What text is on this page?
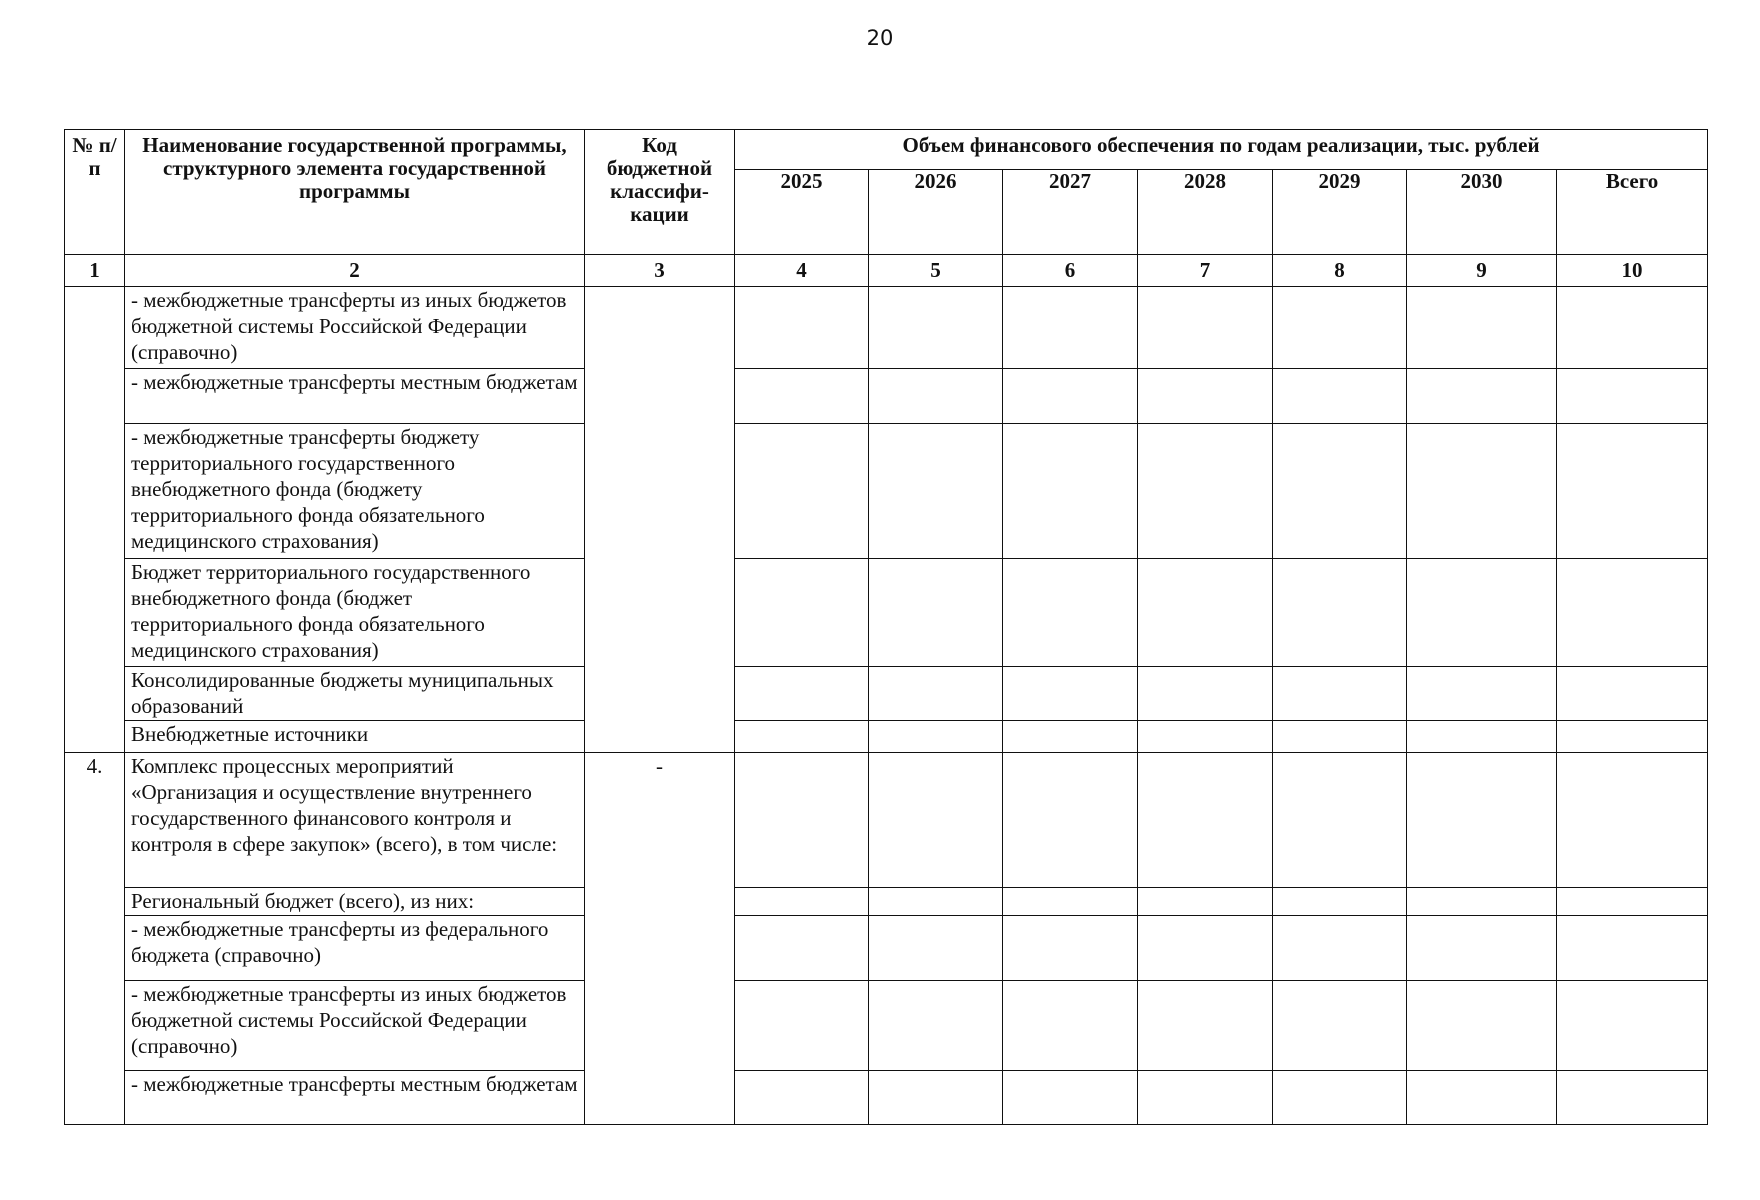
20
№ п/п	Наименование государственной программы, структурного элемента государственной программы	Код бюджетной классифи-кации	Объем финансового обеспечения по годам реализации, тыс. рублей						
			2025	2026	2027	2028	2029	2030	Всего
1	2	3	4	5	6	7	8	9	10
	- межбюджетные трансферты из иных бюджетов бюджетной системы Российской Федерации (справочно)								
	- межбюджетные трансферты местным бюджетам								
	- межбюджетные трансферты бюджету территориального государственного внебюджетного фонда (бюджету территориального фонда обязательного медицинского страхования)								
	Бюджет территориального государственного внебюджетного фонда (бюджет территориального фонда обязательного медицинского страхования)								
	Консолидированные бюджеты муниципальных образований								
	Внебюджетные источники								
4.	Комплекс процессных мероприятий «Организация и осуществление внутреннего государственного финансового контроля и контроля в сфере закупок» (всего), в том числе:	-							
	Региональный бюджет (всего), из них:								
	- межбюджетные трансферты из федерального бюджета (справочно)								
	- межбюджетные трансферты из иных бюджетов бюджетной системы Российской Федерации (справочно)								
	- межбюджетные трансферты местным бюджетам								
